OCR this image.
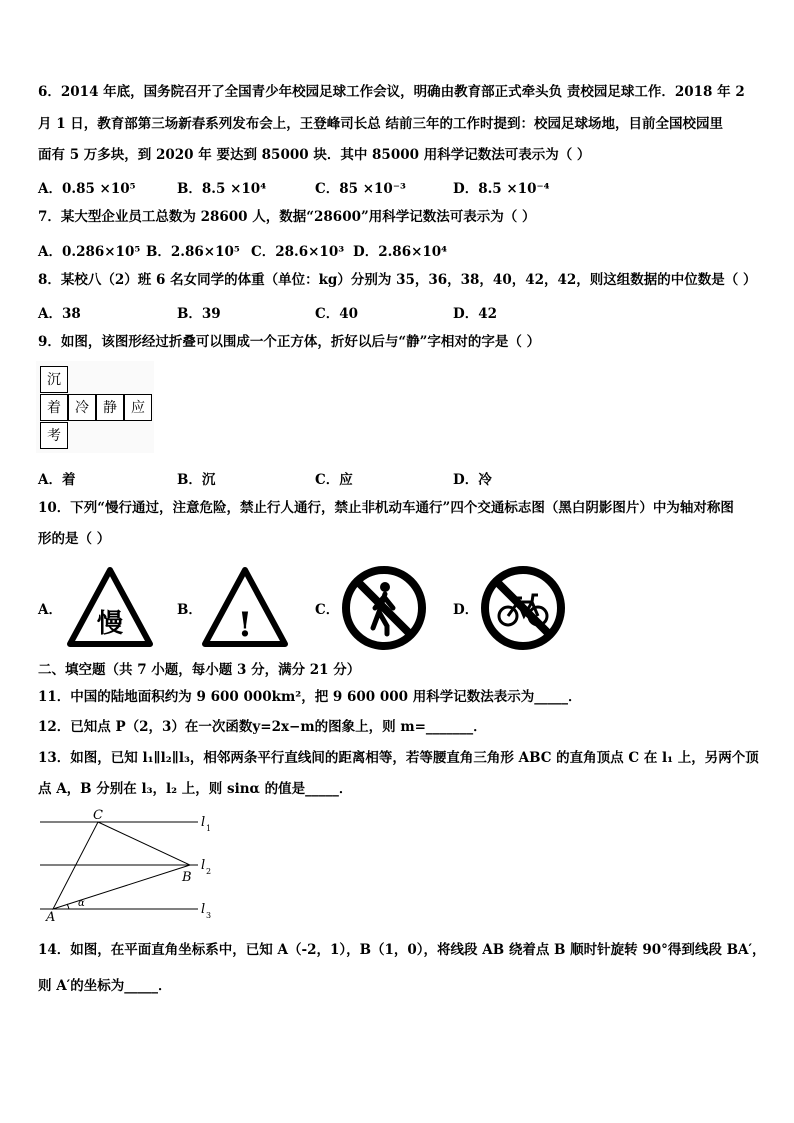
6．2014 年底，国务院召开了全国青少年校园足球工作会议，明确由教育部正式牵头负 责校园足球工作．2018 年 2
月 1 日，教育部第三场新春系列发布会上，王登峰司长总 结前三年的工作时提到：校园足球场地，目前全国校园里
面有 5 万多块，到 2020 年 要达到 85000 块．其中 85000 用科学记数法可表示为（ ）
A．0.85 ×10⁵	B．8.5 ×10⁴	C．85 ×10⁻³	D．8.5 ×10⁻⁴
7．某大型企业员工总数为 28600 人，数据“28600”用科学记数法可表示为（ ）
A．0.286×10⁵ B．2.86×10⁵ C．28.6×10³ D．2.86×10⁴
8．某校八（2）班 6 名女同学的体重（单位：kg）分别为 35，36，38，40，42，42，则这组数据的中位数是（ ）
A．38	B．39	C．40	D．42
9．如图，该图形经过折叠可以围成一个正方体，折好以后与“静”字相对的字是（ ）
沉
着	冷	静	应
考
A．着	B．沉	C．应	D．冷
10．下列“慢行通过，注意危险，禁止行人通行，禁止非机动车通行”四个交通标志图（黑白阴影图片）中为轴对称图
形的是（ ）
A． 慢	B． !	C．	D．
二、填空题（共 7 小题，每小题 3 分，满分 21 分）
11．中国的陆地面积约为 9 600 000km²，把 9 600 000 用科学记数法表示为_____．
12．已知点 P（2，3）在一次函数y=2x−m的图象上，则 m=_______．
13．如图，已知 l₁∥l₂∥l₃，相邻两条平行直线间的距离相等，若等腰直角三角形 ABC 的直角顶点 C 在 l₁ 上，另两个顶
点 A，B 分别在 l₃，l₂ 上，则 sinα 的值是_____．
C
B
A
α
l 1
l 2
l 3
14．如图，在平面直角坐标系中，已知 A（-2，1），B（1，0），将线段 AB 绕着点 B 顺时针旋转 90°得到线段 BA′，
则 A′的坐标为_____．
